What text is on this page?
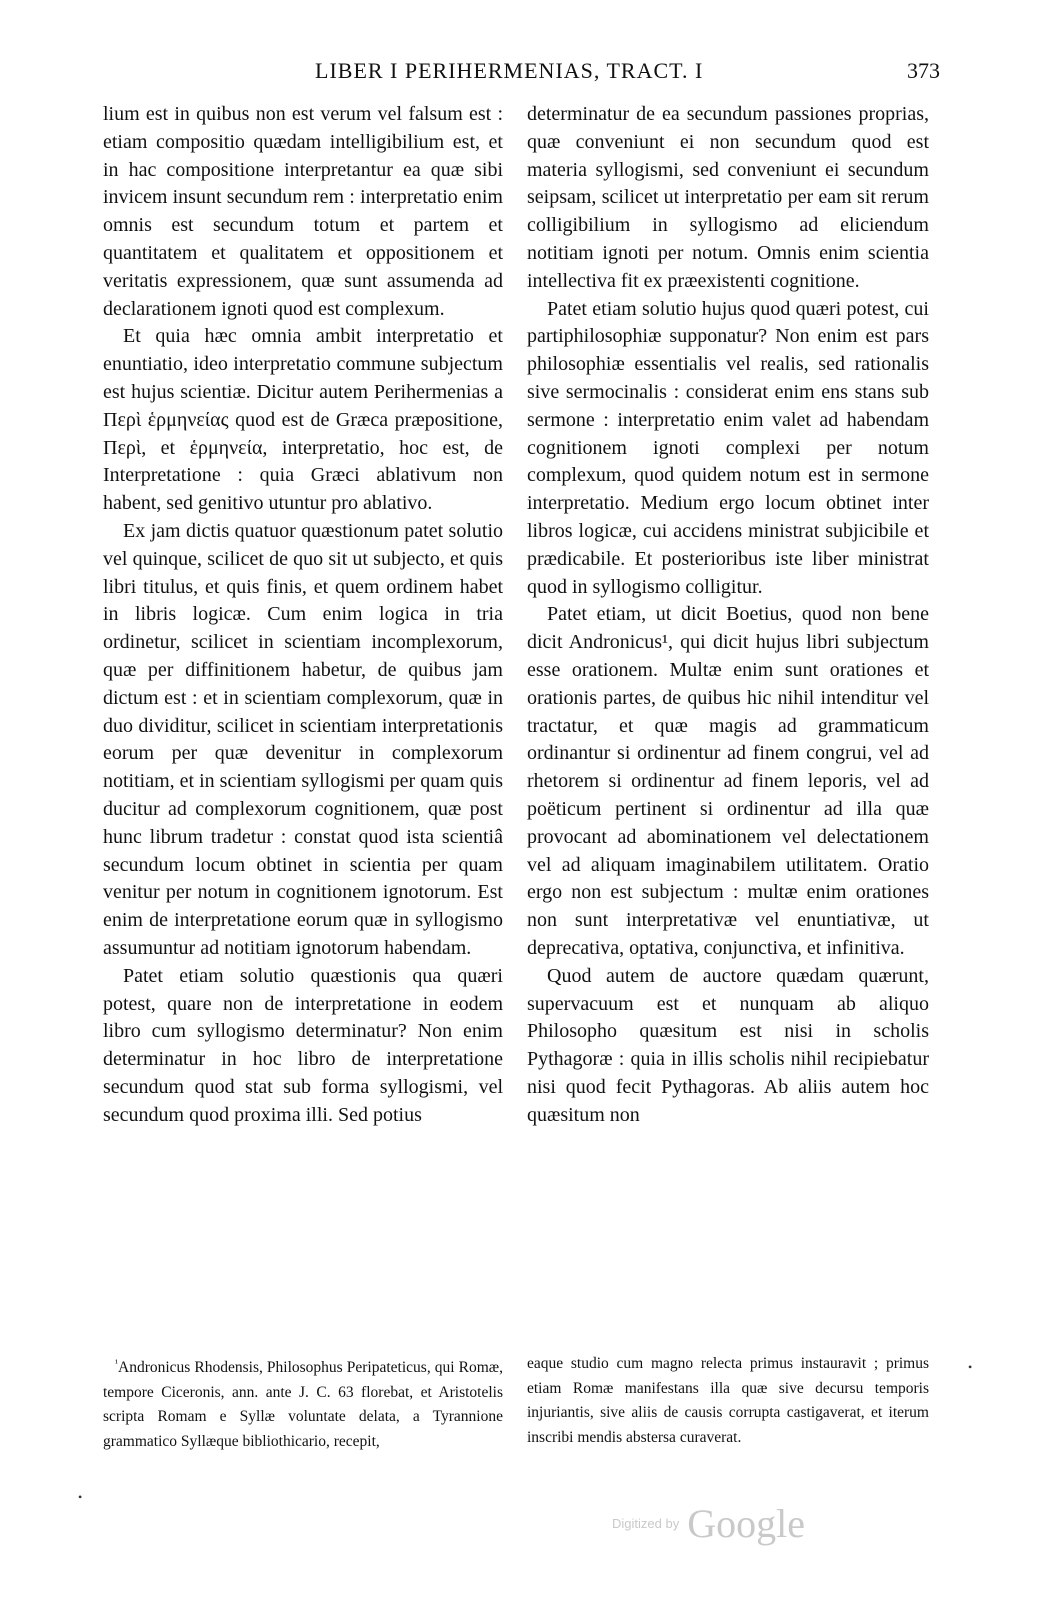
LIBER I PERIHERMENIAS, TRACT. I	373

lium est in quibus non est verum vel falsum est : etiam compositio quædam intelligibilium est, et in hac compositione interpretantur ea quæ sibi invicem insunt secundum rem : interpretatio enim omnis est secundum totum et partem et quantitatem et qualitatem et oppositionem et veritatis expressionem, quæ sunt assumenda ad declarationem ignoti quod est complexum.

Et quia hæc omnia ambit interpretatio et enuntiatio, ideo interpretatio commune subjectum est hujus scientiæ. Dicitur autem Perihermenias a Περὶ ἑρμηνείας quod est de Græca præpositione, Περὶ, et ἑρμηνεία, interpretatio, hoc est, de Interpretatione : quia Græci ablativum non habent, sed genitivo utuntur pro ablativo.

Ex jam dictis quatuor quæstionum patet solutio vel quinque, scilicet de quo sit ut subjecto, et quis libri titulus, et quis finis, et quem ordinem habet in libris logicæ. Cum enim logica in tria ordinetur, scilicet in scientiam incomplexorum, quæ per diffinitionem habetur, de quibus jam dictum est : et in scientiam complexorum, quæ in duo dividitur, scilicet in scientiam interpretationis eorum per quæ devenitur in complexorum notitiam, et in scientiam syllogismi per quam quis ducitur ad complexorum cognitionem, quæ post hunc librum tradetur : constat quod ista scientiâ secundum locum obtinet in scientia per quam venitur per notum in cognitionem ignotorum. Est enim de interpretatione eorum quæ in syllogismo assumuntur ad notitiam ignotorum habendam.

Patet etiam solutio quæstionis qua quæri potest, quare non de interpretatione in eodem libro cum syllogismo determinatur? Non enim determinatur in hoc libro de interpretatione secundum quod stat sub forma syllogismi, vel secundum quod proxima illi. Sed potius

determinatur de ea secundum passiones proprias, quæ conveniunt ei non secundum quod est materia syllogismi, sed conveniunt ei secundum seipsam, scilicet ut interpretatio per eam sit rerum colligibilium in syllogismo ad eliciendum notitiam ignoti per notum. Omnis enim scientia intellectiva fit ex præexistenti cognitione.

Patet etiam solutio hujus quod quæri potest, cui partiphilosophiæ supponatur? Non enim est pars philosophiæ essentialis vel realis, sed rationalis sive sermocinalis : considerat enim ens stans sub sermone : interpretatio enim valet ad habendam cognitionem ignoti complexi per notum complexum, quod quidem notum est in sermone interpretatio. Medium ergo locum obtinet inter libros logicæ, cui accidens ministrat subjicibile et prædicabile. Et posterioribus iste liber ministrat quod in syllogismo colligitur.

Patet etiam, ut dicit Boetius, quod non bene dicit Andronicus¹, qui dicit hujus libri subjectum esse orationem. Multæ enim sunt orationes et orationis partes, de quibus hic nihil intenditur vel tractatur, et quæ magis ad grammaticum ordinantur si ordinentur ad finem congrui, vel ad rhetorem si ordinentur ad finem leporis, vel ad poëticum pertinent si ordinentur ad illa quæ provocant ad abominationem vel delectationem vel ad aliquam imaginabilem utilitatem. Oratio ergo non est subjectum : multæ enim orationes non sunt interpretativæ vel enuntiativæ, ut deprecativa, optativa, conjunctiva, et infinitiva.

Quod autem de auctore quædam quærunt, supervacuum est et nunquam ab aliquo Philosopho quæsitum est nisi in scholis Pythagoræ : quia in illis scholis nihil recipiebatur nisi quod fecit Pythagoras. Ab aliis autem hoc quæsitum non

$^{^1}$Andronicus Rhodensis, Philosophus Peripateticus, qui Romæ, tempore Ciceronis, ann. ante J. C. 63 florebat, et Aristotelis scripta Romam e Syllæ voluntate delata, a Tyrannione grammatico Syllæque bibliothicario, recepit,

eaque studio cum magno relecta primus instauravit ; primus etiam Romæ manifestans illa quæ sive decursu temporis injuriantis, sive aliis de causis corrupta castigaverat, et iterum inscribi mendis abstersa curaverat.

•
•
Digitized by Google
